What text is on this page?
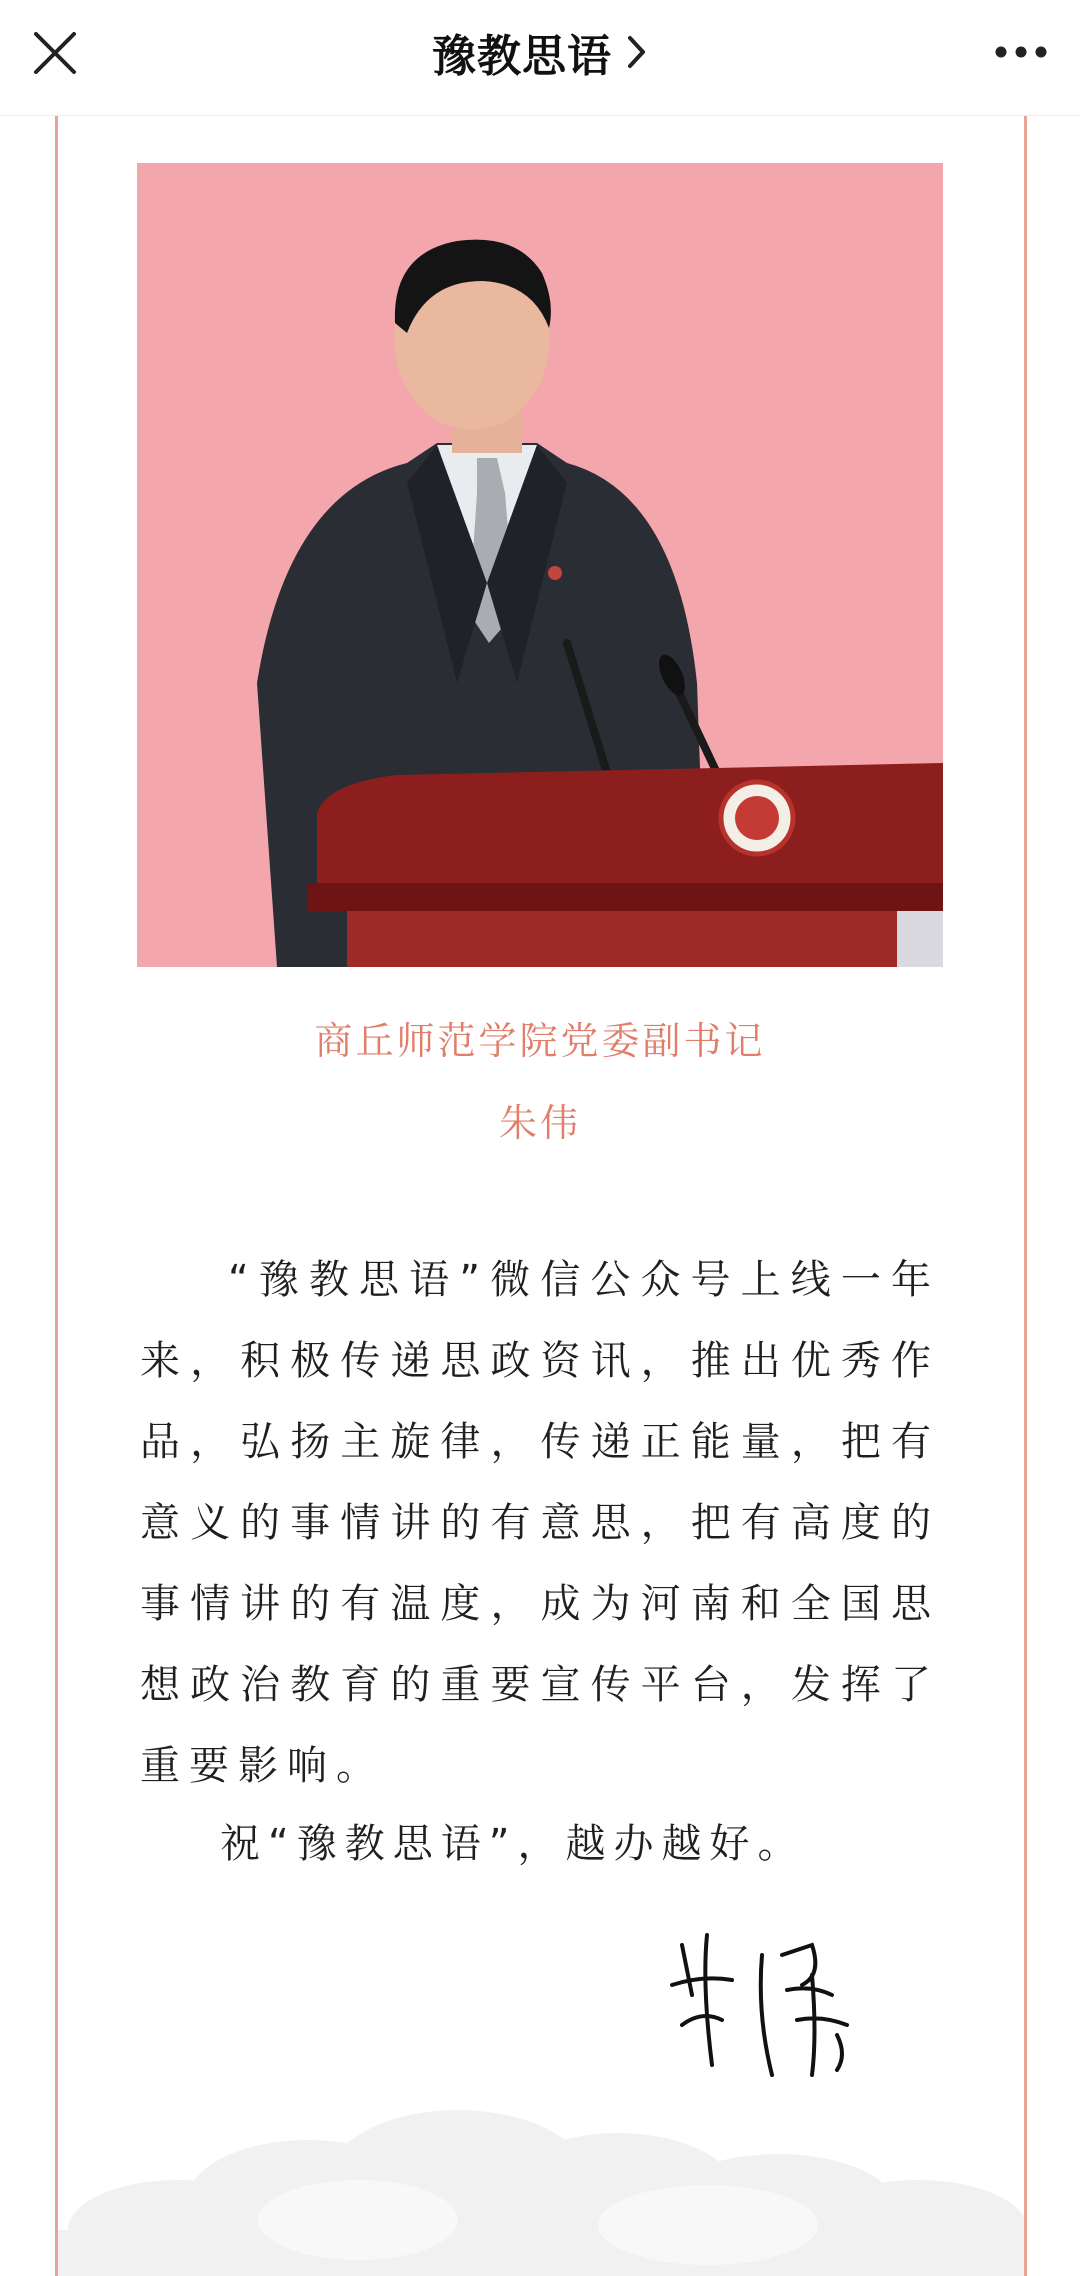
豫教思语
商丘师范学院党委副书记
朱伟
“豫教思语”微信公众号上线一年来，积极传递思政资讯，推出优秀作品，弘扬主旋律，传递正能量，把有意义的事情讲的有意思，把有高度的事情讲的有温度，成为河南和全国思想政治教育的重要宣传平台，发挥了重要影响。
祝“豫教思语”，越办越好。
